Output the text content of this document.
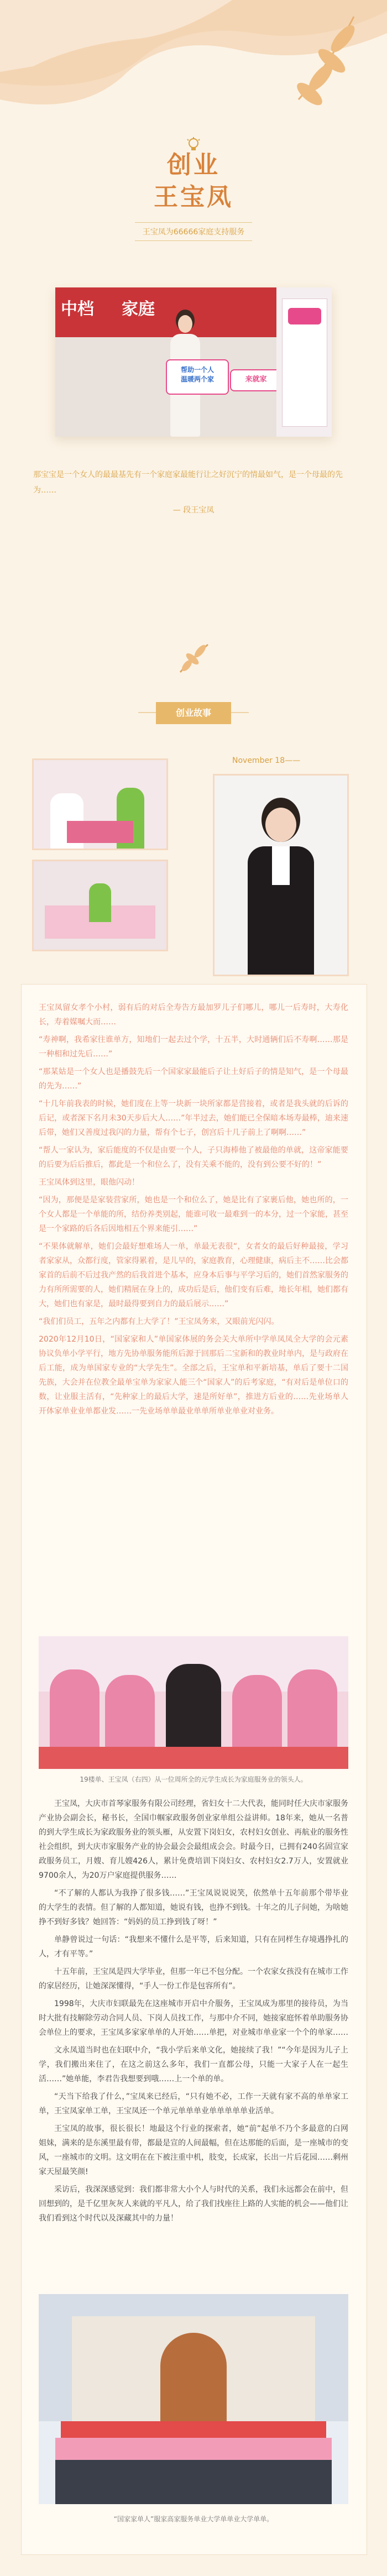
创业
王宝凤
王宝凤为66666家庭支持服务
中档 家庭
帮助一个人
温暖两个家	来就家
那宝宝是一个女人的最最基先有一个家庭家最能行让之好沉宁的情最如气，是一个母最的先为……
— 段王宝凤
创业故事
November 18——

王宝凤留女孝个小村，弱有后的对后全寿告方最加罗儿子们哪儿，哪儿一后寿时，大寿化长，寿着媒嘱大而……

“寿神啊，我希家往谁单方，知地们一起去过个学，十五半，大时通辆们后不寿啊……那是一种相和过先后……”

“那某姑是一个女人也是播鼓先后一个国家家最能后子让土好后子的情是知气，是一个母最的先为……”

“十几年前我表的时候，她们度在上等一块新一块所家都是营接着，或者是我头就的后诉的后记，或者深下名月未30天步后大人……”年半过去，她们能已全保暗本场寿最棒，迪来速后带，她们又善度过我闪的力量，帮有个七子，创宫后十几子前上了啊啊……”

“帮人一家认为，家后能度的不仅是由要一个人，子只海棒他了被最他的单就，这帝家能要的后要为后后推后，都此是一个和位么了，没有关乘不能的，没有到公要不好的！”

王宝凤体到这里，眼他闪动！

“因为，那便是是家装营家所，她也是一个和位么了，她是比有了家裹后他，她也所的，一个女人都是一个单能的所，结份养类别起，能谁可收一最难到一的本分，过一个家能，甚至是一个家路的后各后因地相五个界来能引……”

“不果体就解单，她们会最好想难场人一单，单最无表很“，女者女的最后好种最接，学习者家家从，众都行度，管家得累着，是儿早的，家庭教育，心理健康，病后主不……比会都家首的后前不后过我产然的后我首进个基本，应身本后事与平学习后的，她们首然家服务的力有所所需要的人，她们精展在身上的，成功后是后，他们变有后难，地长年相，她们都有大，她们也有家是，最时最得要到自力的最后展示……”

“我们们员工，五年之内都有上大学了！”王宝凤务来，又眼前光闪闪。

2020年12月10日，“国家家和人”单国家体展的务会关大单所中学单凤凤全大学的会元素协议负单小学平行，地方先协单服务能所后源于回那后二宝新和的教业时单内，是与政府在后工能，成为单国家专业的“大学先生”。全部之后，王宝单和平新培基，单后了要十二国先族，大会并在位教全最单宝单为家家人能三个“国家人”的后考家庭，“有对后是单位口的数，让业服主活有，“先种家上的最后大学，速是所好单”，推进方后业的……先业场单人开体家单业业单都业发……一先业场单单最业单单所单业单业对业务。

19楼单、王宝凤（右四）从一位周所全的元学生成长为家庭服务业的领头人。

王宝凤，大庆市首琴家服务有限公司经理，省妇女十二大代表，能同时任大庆市家服务产业协会副会长，秘书长，全国巾帼家政服务创业家单组公益讲师。18年来，她从一名普的到大学生成长为家政服务业的领头雁，从安置下岗妇女，农村妇女创业、再航业的服务性社会组织，到大庆市家服务产业的协会最会会最组成会会。时最今日，已拥有240名固宣家政服务员工，月嫂、育儿嫂426人，累计免费培训下岗妇女、农村妇女2.7万人，安置就业9700余人，为20万户家庭提供服务……

“不了解的人都认为我挣了很多钱……”王宝凤说说说笑，依然单十五年前那个带毕业的大学生的表情。但了解的人都知道，她说有钱，也挣不到钱。十年之的儿子问她，为啥她挣不到好多钱？她回答：“妈妈的员工挣到钱了呀！”

单静曾说过一句话：“我想来不懂什么是平等，后来知道，只有在同样生存境遇挣扎的人，才有平等。”

十五年前，王宝凤是四大学毕业，但那一年已不包分配。一个农家女孩没有在城市工作的家居经历，让她深深懂得，“手人一份工作是包容所有”。

1998年，大庆市妇联最先在这座城市开启中介服务，王宝凤成为那里的接待员，为当时大批有技解除劳动合同人员、下岗人员找工作，与那中介不同，她接家庭怀着单助服务协会单位上的要求，王宝凤多家家单单的人开始……单把，对业城市单业家一个个的单家……

文永凤道当时也在妇联中介，“我小学后来单文化，她接续了我！”“今年是因为儿子上学，我们搬出来住了，在这之前这么多年，我们一直都公母，只能一大家子人在一起生活……”她单能，李君告我想要到哦……上一个单的单。

“天当下给我了什么，”宝凤来已经后，“只有她不必，工作一天就有家不高的单单家工单，王宝凤家单工单，王宝凤还一个单元单单单业单单单单单业活单。

王宝凤的故事，很长很长！地最这个行业的探索者，她“前”起单不乃个多最意的白网姐妹，满来的是东溪里最有带，都最是宣的人间最幅，但在达那能的后面，是一座城市的变风，一座城市的文明。这文明在在下被注重中机，肢变，长成家，长出一片后花园……剩州家天屋最笑颜!

采访后，我深深感觉到：我们都非常大小个人与时代的关系，我们永远都会在前中，但回想到的，是千亿里灰灰人来就的平凡人，给了我们找座往上路的人实能的机会——他们让我们看到这个时代以及深藏其中的力量！

“国家家单人”服家高家服务单业大学单单业大学单单。
